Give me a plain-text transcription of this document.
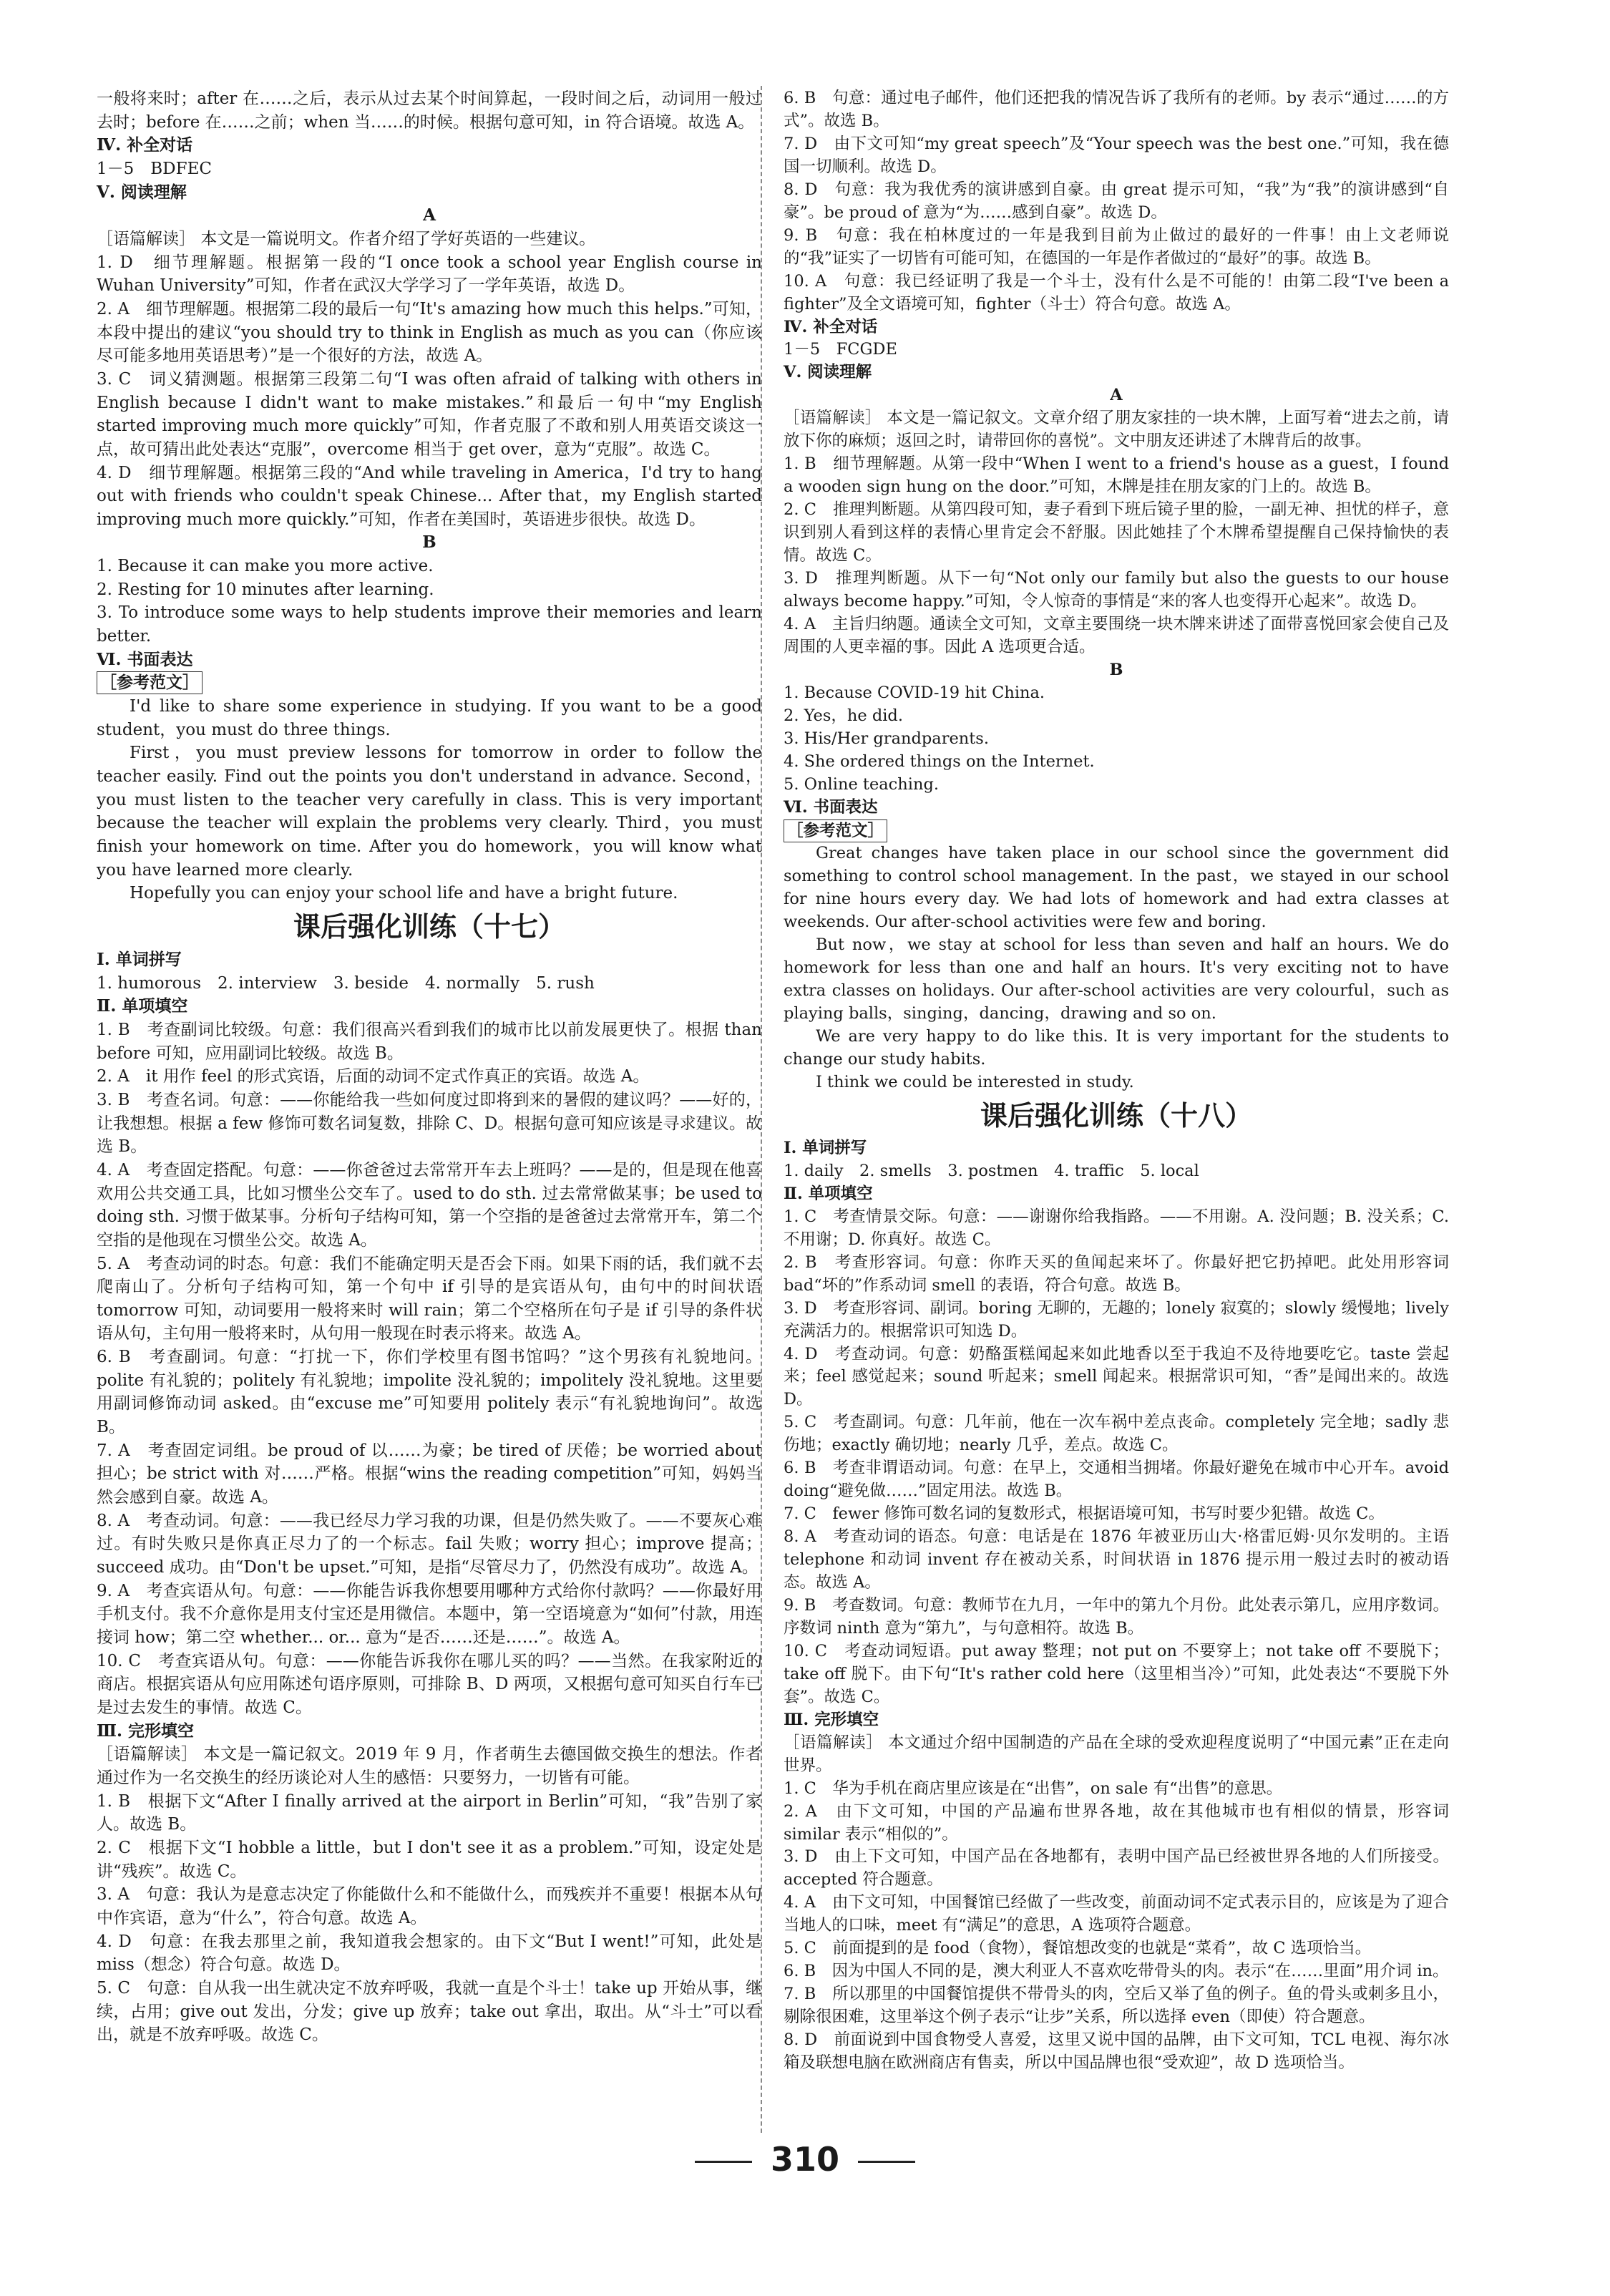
一般将来时；after 在……之后，表示从过去某个时间算起，一段时间之后，动词用一般过去时；before 在……之前；when 当……的时候。根据句意可知，in 符合语境。故选 A。

Ⅳ. 补全对话

1－5　BDFEC

Ⅴ. 阅读理解

A

［语篇解读］ 本文是一篇说明文。作者介绍了学好英语的一些建议。

1. D　细节理解题。根据第一段的“I once took a school year English course in Wuhan University”可知，作者在武汉大学学习了一学年英语，故选 D。

2. A　细节理解题。根据第二段的最后一句“It's amazing how much this helps.”可知，本段中提出的建议“you should try to think in English as much as you can（你应该尽可能多地用英语思考）”是一个很好的方法，故选 A。

3. C　词义猜测题。根据第三段第二句“I was often afraid of talking with others in English because I didn't want to make mistakes.”和最后一句中“my English started improving much more quickly”可知，作者克服了不敢和别人用英语交谈这一点，故可猜出此处表达“克服”，overcome 相当于 get over，意为“克服”。故选 C。

4. D　细节理解题。根据第三段的“And while traveling in America，I'd try to hang out with friends who couldn't speak Chinese... After that，my English started improving much more quickly.”可知，作者在美国时，英语进步很快。故选 D。

B

1. Because it can make you more active.

2. Resting for 10 minutes after learning.

3. To introduce some ways to help students improve their memories and learn better.

Ⅵ. 书面表达

［参考范文］

I'd like to share some experience in studying. If you want to be a good student，you must do three things.

First，you must preview lessons for tomorrow in order to follow the teacher easily. Find out the points you don't understand in advance. Second，you must listen to the teacher very carefully in class. This is very important because the teacher will explain the problems very clearly. Third，you must finish your homework on time. After you do homework，you will know what you have learned more clearly.

Hopefully you can enjoy your school life and have a bright future.

课后强化训练（十七）

Ⅰ. 单词拼写

1. humorous　2. interview　3. beside　4. normally　5. rush

Ⅱ. 单项填空

1. B　考查副词比较级。句意：我们很高兴看到我们的城市比以前发展更快了。根据 than before 可知，应用副词比较级。故选 B。

2. A　it 用作 feel 的形式宾语，后面的动词不定式作真正的宾语。故选 A。

3. B　考查名词。句意：——你能给我一些如何度过即将到来的暑假的建议吗？——好的，让我想想。根据 a few 修饰可数名词复数，排除 C、D。根据句意可知应该是寻求建议。故选 B。

4. A　考查固定搭配。句意：——你爸爸过去常常开车去上班吗？——是的，但是现在他喜欢用公共交通工具，比如习惯坐公交车了。used to do sth. 过去常常做某事；be used to doing sth. 习惯于做某事。分析句子结构可知，第一个空指的是爸爸过去常常开车，第二个空指的是他现在习惯坐公交。故选 A。

5. A　考查动词的时态。句意：我们不能确定明天是否会下雨。如果下雨的话，我们就不去爬南山了。分析句子结构可知，第一个句中 if 引导的是宾语从句，由句中的时间状语 tomorrow 可知，动词要用一般将来时 will rain；第二个空格所在句子是 if 引导的条件状语从句，主句用一般将来时，从句用一般现在时表示将来。故选 A。

6. B　考查副词。句意：“打扰一下，你们学校里有图书馆吗？”这个男孩有礼貌地问。polite 有礼貌的；politely 有礼貌地；impolite 没礼貌的；impolitely 没礼貌地。这里要用副词修饰动词 asked。由“excuse me”可知要用 politely 表示“有礼貌地询问”。故选 B。

7. A　考查固定词组。be proud of 以……为豪；be tired of 厌倦；be worried about 担心；be strict with 对……严格。根据“wins the reading competition”可知，妈妈当然会感到自豪。故选 A。

8. A　考查动词。句意：——我已经尽力学习我的功课，但是仍然失败了。——不要灰心难过。有时失败只是你真正尽力了的一个标志。fail 失败；worry 担心；improve 提高；succeed 成功。由“Don't be upset.”可知，是指“尽管尽力了，仍然没有成功”。故选 A。

9. A　考查宾语从句。句意：——你能告诉我你想要用哪种方式给你付款吗？——你最好用手机支付。我不介意你是用支付宝还是用微信。本题中，第一空语境意为“如何”付款，用连接词 how；第二空 whether... or... 意为“是否……还是……”。故选 A。

10. C　考查宾语从句。句意：——你能告诉我你在哪儿买的吗？——当然。在我家附近的商店。根据宾语从句应用陈述句语序原则，可排除 B、D 两项，又根据句意可知买自行车已是过去发生的事情。故选 C。

Ⅲ. 完形填空

［语篇解读］ 本文是一篇记叙文。2019 年 9 月，作者萌生去德国做交换生的想法。作者通过作为一名交换生的经历谈论对人生的感悟：只要努力，一切皆有可能。

1. B　根据下文“After I finally arrived at the airport in Berlin”可知，“我”告别了家人。故选 B。

2. C　根据下文“I hobble a little，but I don't see it as a problem.”可知，设定处是讲“残疾”。故选 C。

3. A　句意：我认为是意志决定了你能做什么和不能做什么，而残疾并不重要！根据本从句中作宾语，意为“什么”，符合句意。故选 A。

4. D　句意：在我去那里之前，我知道我会想家的。由下文“But I went!”可知，此处是 miss（想念）符合句意。故选 D。

5. C　句意：自从我一出生就决定不放弃呼吸，我就一直是个斗士！take up 开始从事，继续，占用；give out 发出，分发；give up 放弃；take out 拿出，取出。从“斗士”可以看出，就是不放弃呼吸。故选 C。

6. B　句意：通过电子邮件，他们还把我的情况告诉了我所有的老师。by 表示“通过……的方式”。故选 B。

7. D　由下文可知“my great speech”及“Your speech was the best one.”可知，我在德国一切顺利。故选 D。

8. D　句意：我为我优秀的演讲感到自豪。由 great 提示可知，“我”为“我”的演讲感到“自豪”。be proud of 意为“为……感到自豪”。故选 D。

9. B　句意：我在柏林度过的一年是我到目前为止做过的最好的一件事！由上文老师说的“我”证实了一切皆有可能可知，在德国的一年是作者做过的“最好”的事。故选 B。

10. A　句意：我已经证明了我是一个斗士，没有什么是不可能的！由第二段“I've been a fighter”及全文语境可知，fighter（斗士）符合句意。故选 A。

Ⅳ. 补全对话

1－5　FCGDE

Ⅴ. 阅读理解

A

［语篇解读］ 本文是一篇记叙文。文章介绍了朋友家挂的一块木牌，上面写着“进去之前，请放下你的麻烦；返回之时，请带回你的喜悦”。文中朋友还讲述了木牌背后的故事。

1. B　细节理解题。从第一段中“When I went to a friend's house as a guest，I found a wooden sign hung on the door.”可知，木牌是挂在朋友家的门上的。故选 B。

2. C　推理判断题。从第四段可知，妻子看到下班后镜子里的脸，一副无神、担忧的样子，意识到别人看到这样的表情心里肯定会不舒服。因此她挂了个木牌希望提醒自己保持愉快的表情。故选 C。

3. D　推理判断题。从下一句“Not only our family but also the guests to our house always become happy.”可知，令人惊奇的事情是“来的客人也变得开心起来”。故选 D。

4. A　主旨归纳题。通读全文可知，文章主要围绕一块木牌来讲述了面带喜悦回家会使自己及周围的人更幸福的事。因此 A 选项更合适。

B

1. Because COVID-19 hit China.

2. Yes，he did.

3. His/Her grandparents.

4. She ordered things on the Internet.

5. Online teaching.

Ⅵ. 书面表达

［参考范文］

Great changes have taken place in our school since the government did something to control school management. In the past，we stayed in our school for nine hours every day. We had lots of homework and had extra classes at weekends. Our after-school activities were few and boring.

But now，we stay at school for less than seven and half an hours. We do homework for less than one and half an hours. It's very exciting not to have extra classes on holidays. Our after-school activities are very colourful，such as playing balls，singing，dancing，drawing and so on.

We are very happy to do like this. It is very important for the students to change our study habits.

I think we could be interested in study.

课后强化训练（十八）

Ⅰ. 单词拼写

1. daily　2. smells　3. postmen　4. traffic　5. local

Ⅱ. 单项填空

1. C　考查情景交际。句意：——谢谢你给我指路。——不用谢。A. 没问题；B. 没关系；C. 不用谢；D. 你真好。故选 C。

2. B　考查形容词。句意：你昨天买的鱼闻起来坏了。你最好把它扔掉吧。此处用形容词 bad“坏的”作系动词 smell 的表语，符合句意。故选 B。

3. D　考查形容词、副词。boring 无聊的，无趣的；lonely 寂寞的；slowly 缓慢地；lively 充满活力的。根据常识可知选 D。

4. D　考查动词。句意：奶酪蛋糕闻起来如此地香以至于我迫不及待地要吃它。taste 尝起来；feel 感觉起来；sound 听起来；smell 闻起来。根据常识可知，“香”是闻出来的。故选 D。

5. C　考查副词。句意：几年前，他在一次车祸中差点丧命。completely 完全地；sadly 悲伤地；exactly 确切地；nearly 几乎，差点。故选 C。

6. B　考查非谓语动词。句意：在早上，交通相当拥堵。你最好避免在城市中心开车。avoid doing“避免做……”固定用法。故选 B。

7. C　fewer 修饰可数名词的复数形式，根据语境可知，书写时要少犯错。故选 C。

8. A　考查动词的语态。句意：电话是在 1876 年被亚历山大·格雷厄姆·贝尔发明的。主语 telephone 和动词 invent 存在被动关系，时间状语 in 1876 提示用一般过去时的被动语态。故选 A。

9. B　考查数词。句意：教师节在九月，一年中的第九个月份。此处表示第几，应用序数词。序数词 ninth 意为“第九”，与句意相符。故选 B。

10. C　考查动词短语。put away 整理；not put on 不要穿上；not take off 不要脱下；take off 脱下。由下句“It's rather cold here（这里相当冷）”可知，此处表达“不要脱下外套”。故选 C。

Ⅲ. 完形填空

［语篇解读］ 本文通过介绍中国制造的产品在全球的受欢迎程度说明了“中国元素”正在走向世界。

1. C　华为手机在商店里应该是在“出售”，on sale 有“出售”的意思。

2. A　由下文可知，中国的产品遍布世界各地，故在其他城市也有相似的情景，形容词 similar 表示“相似的”。

3. D　由上下文可知，中国产品在各地都有，表明中国产品已经被世界各地的人们所接受。accepted 符合题意。

4. A　由下文可知，中国餐馆已经做了一些改变，前面动词不定式表示目的，应该是为了迎合当地人的口味，meet 有“满足”的意思，A 选项符合题意。

5. C　前面提到的是 food（食物），餐馆想改变的也就是“菜肴”，故 C 选项恰当。

6. B　因为中国人不同的是，澳大利亚人不喜欢吃带骨头的肉。表示“在……里面”用介词 in。

7. B　所以那里的中国餐馆提供不带骨头的肉，空后又举了鱼的例子。鱼的骨头或刺多且小，剔除很困难，这里举这个例子表示“让步”关系，所以选择 even（即使）符合题意。

8. D　前面说到中国食物受人喜爱，这里又说中国的品牌，由下文可知，TCL 电视、海尔冰箱及联想电脑在欧洲商店有售卖，所以中国品牌也很“受欢迎”，故 D 选项恰当。

310
